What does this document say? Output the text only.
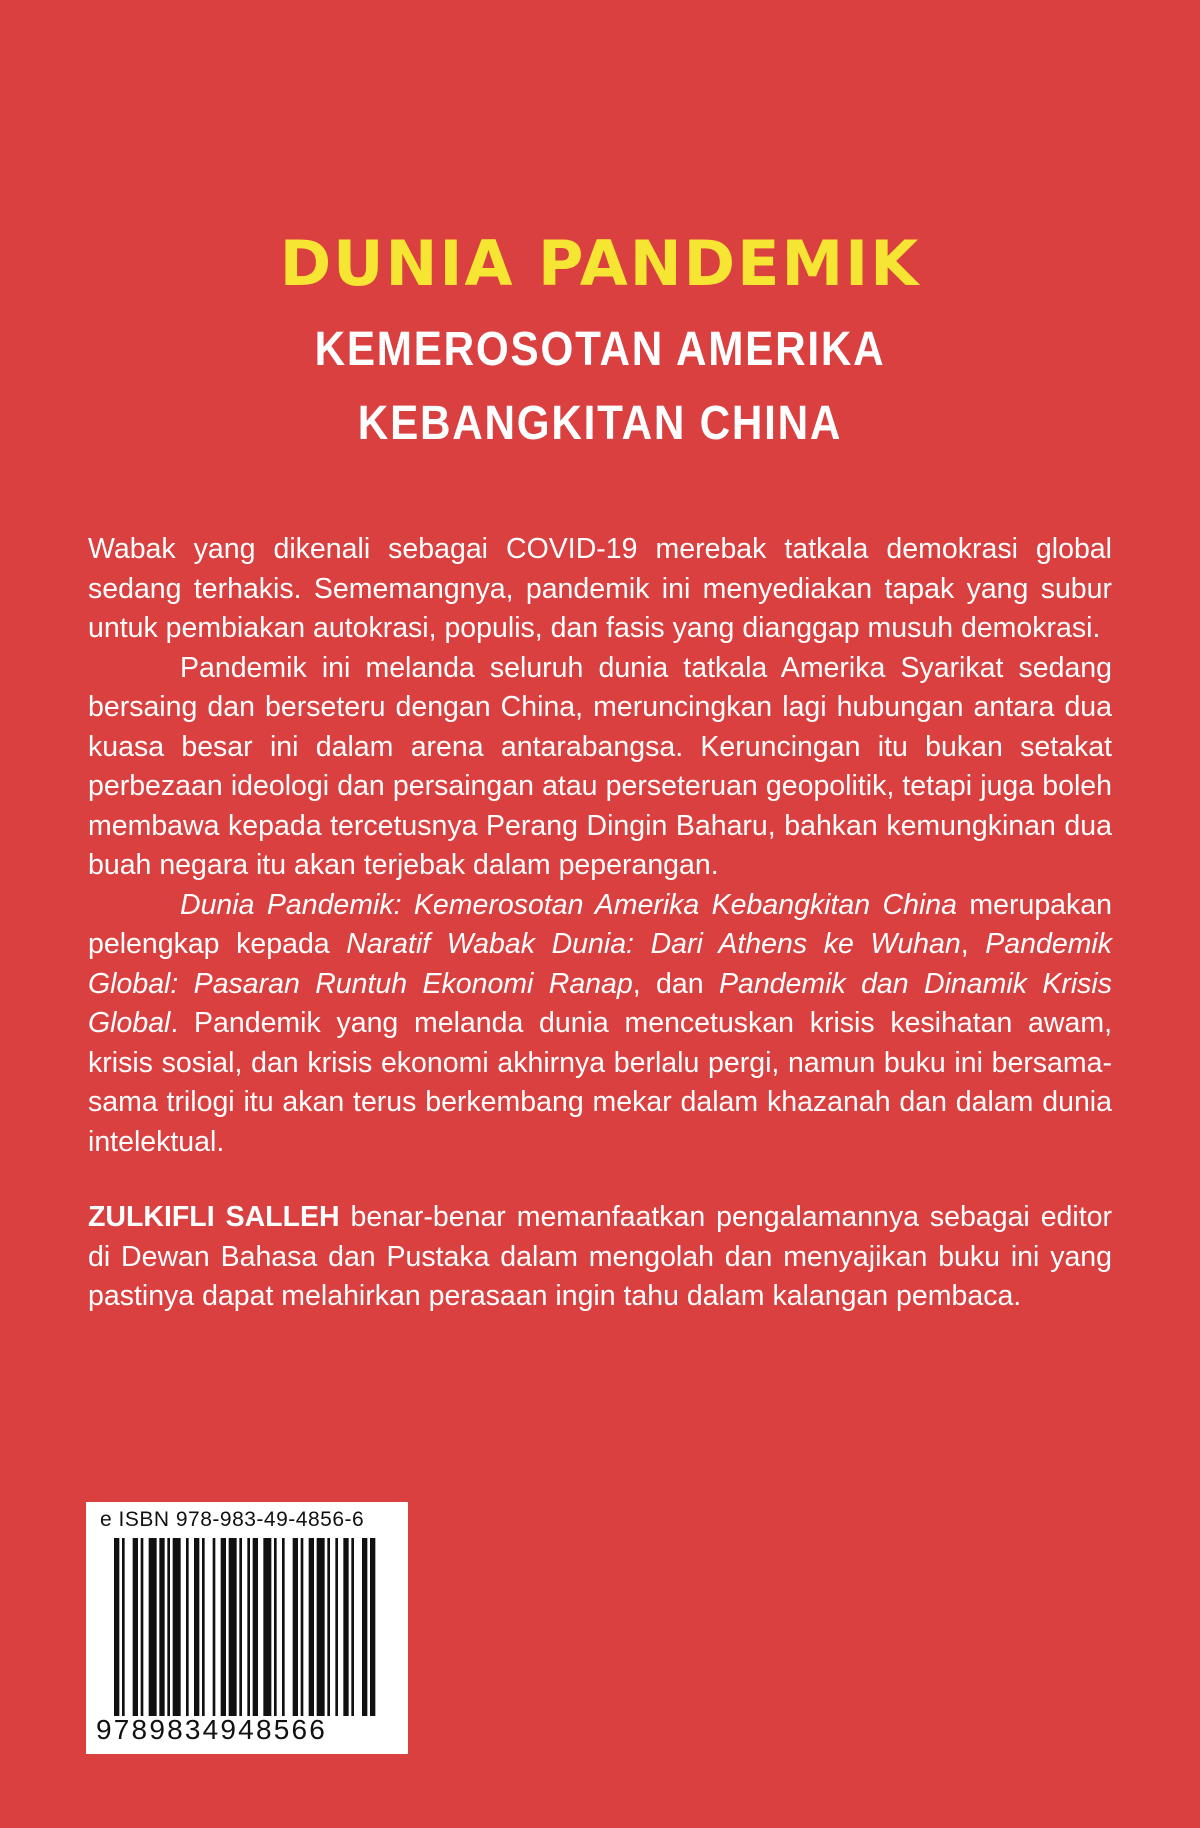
DUNIA PANDEMIK
KEMEROSOTAN AMERIKA
KEBANGKITAN CHINA

Wabak yang dikenali sebagai COVID-19 merebak tatkala demokrasi global sedang terhakis. Sememangnya, pandemik ini menyediakan tapak yang subur untuk pembiakan autokrasi, populis, dan fasis yang dianggap musuh demokrasi.

Pandemik ini melanda seluruh dunia tatkala Amerika Syarikat sedang bersaing dan berseteru dengan China, meruncingkan lagi hubungan antara dua kuasa besar ini dalam arena antarabangsa. Keruncingan itu bukan setakat perbezaan ideologi dan persaingan atau perseteruan geopolitik, tetapi juga boleh membawa kepada tercetusnya Perang Dingin Baharu, bahkan kemungkinan dua buah negara itu akan terjebak dalam peperangan.

Dunia Pandemik: Kemerosotan Amerika Kebangkitan China merupakan pelengkap kepada Naratif Wabak Dunia: Dari Athens ke Wuhan, Pandemik Global: Pasaran Runtuh Ekonomi Ranap, dan Pandemik dan Dinamik Krisis Global. Pandemik yang melanda dunia mencetuskan krisis kesihatan awam, krisis sosial, dan krisis ekonomi akhirnya berlalu pergi, namun buku ini bersama-sama trilogi itu akan terus berkembang mekar dalam khazanah dan dalam dunia intelektual.

ZULKIFLI SALLEH benar-benar memanfaatkan pengalamannya sebagai editor di Dewan Bahasa dan Pustaka dalam mengolah dan menyajikan buku ini yang pastinya dapat melahirkan perasaan ingin tahu dalam kalangan pembaca.

e ISBN 978-983-49-4856-6
9789834948566
